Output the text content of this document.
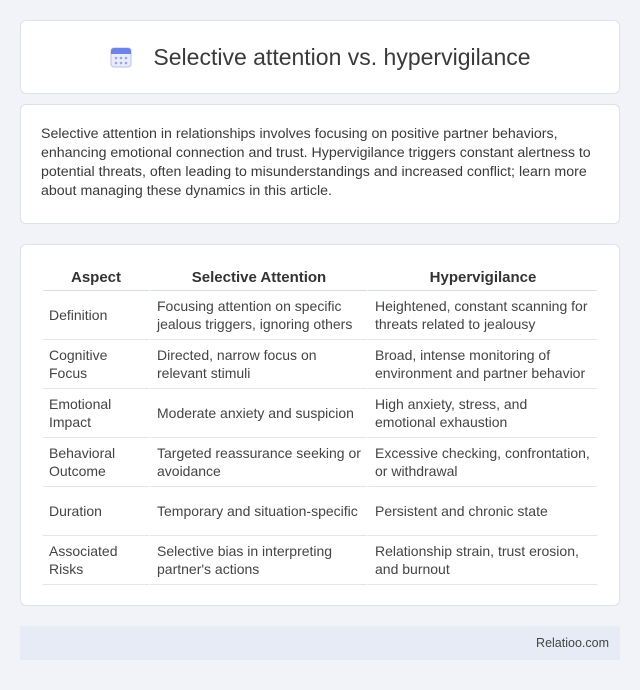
Selective attention vs. hypervigilance

Selective attention in relationships involves focusing on positive partner behaviors, enhancing emotional connection and trust. Hypervigilance triggers constant alertness to potential threats, often leading to misunderstandings and increased conflict; learn more about managing these dynamics in this article.

Aspect	Selective Attention	Hypervigilance
Definition	Focusing attention on specific jealous triggers, ignoring others	Heightened, constant scanning for threats related to jealousy
Cognitive Focus	Directed, narrow focus on relevant stimuli	Broad, intense monitoring of environment and partner behavior
Emotional Impact	Moderate anxiety and suspicion	High anxiety, stress, and emotional exhaustion
Behavioral Outcome	Targeted reassurance seeking or avoidance	Excessive checking, confrontation, or withdrawal
Duration	Temporary and situation-specific	Persistent and chronic state
Associated Risks	Selective bias in interpreting partner's actions	Relationship strain, trust erosion, and burnout
Relatioo.com
